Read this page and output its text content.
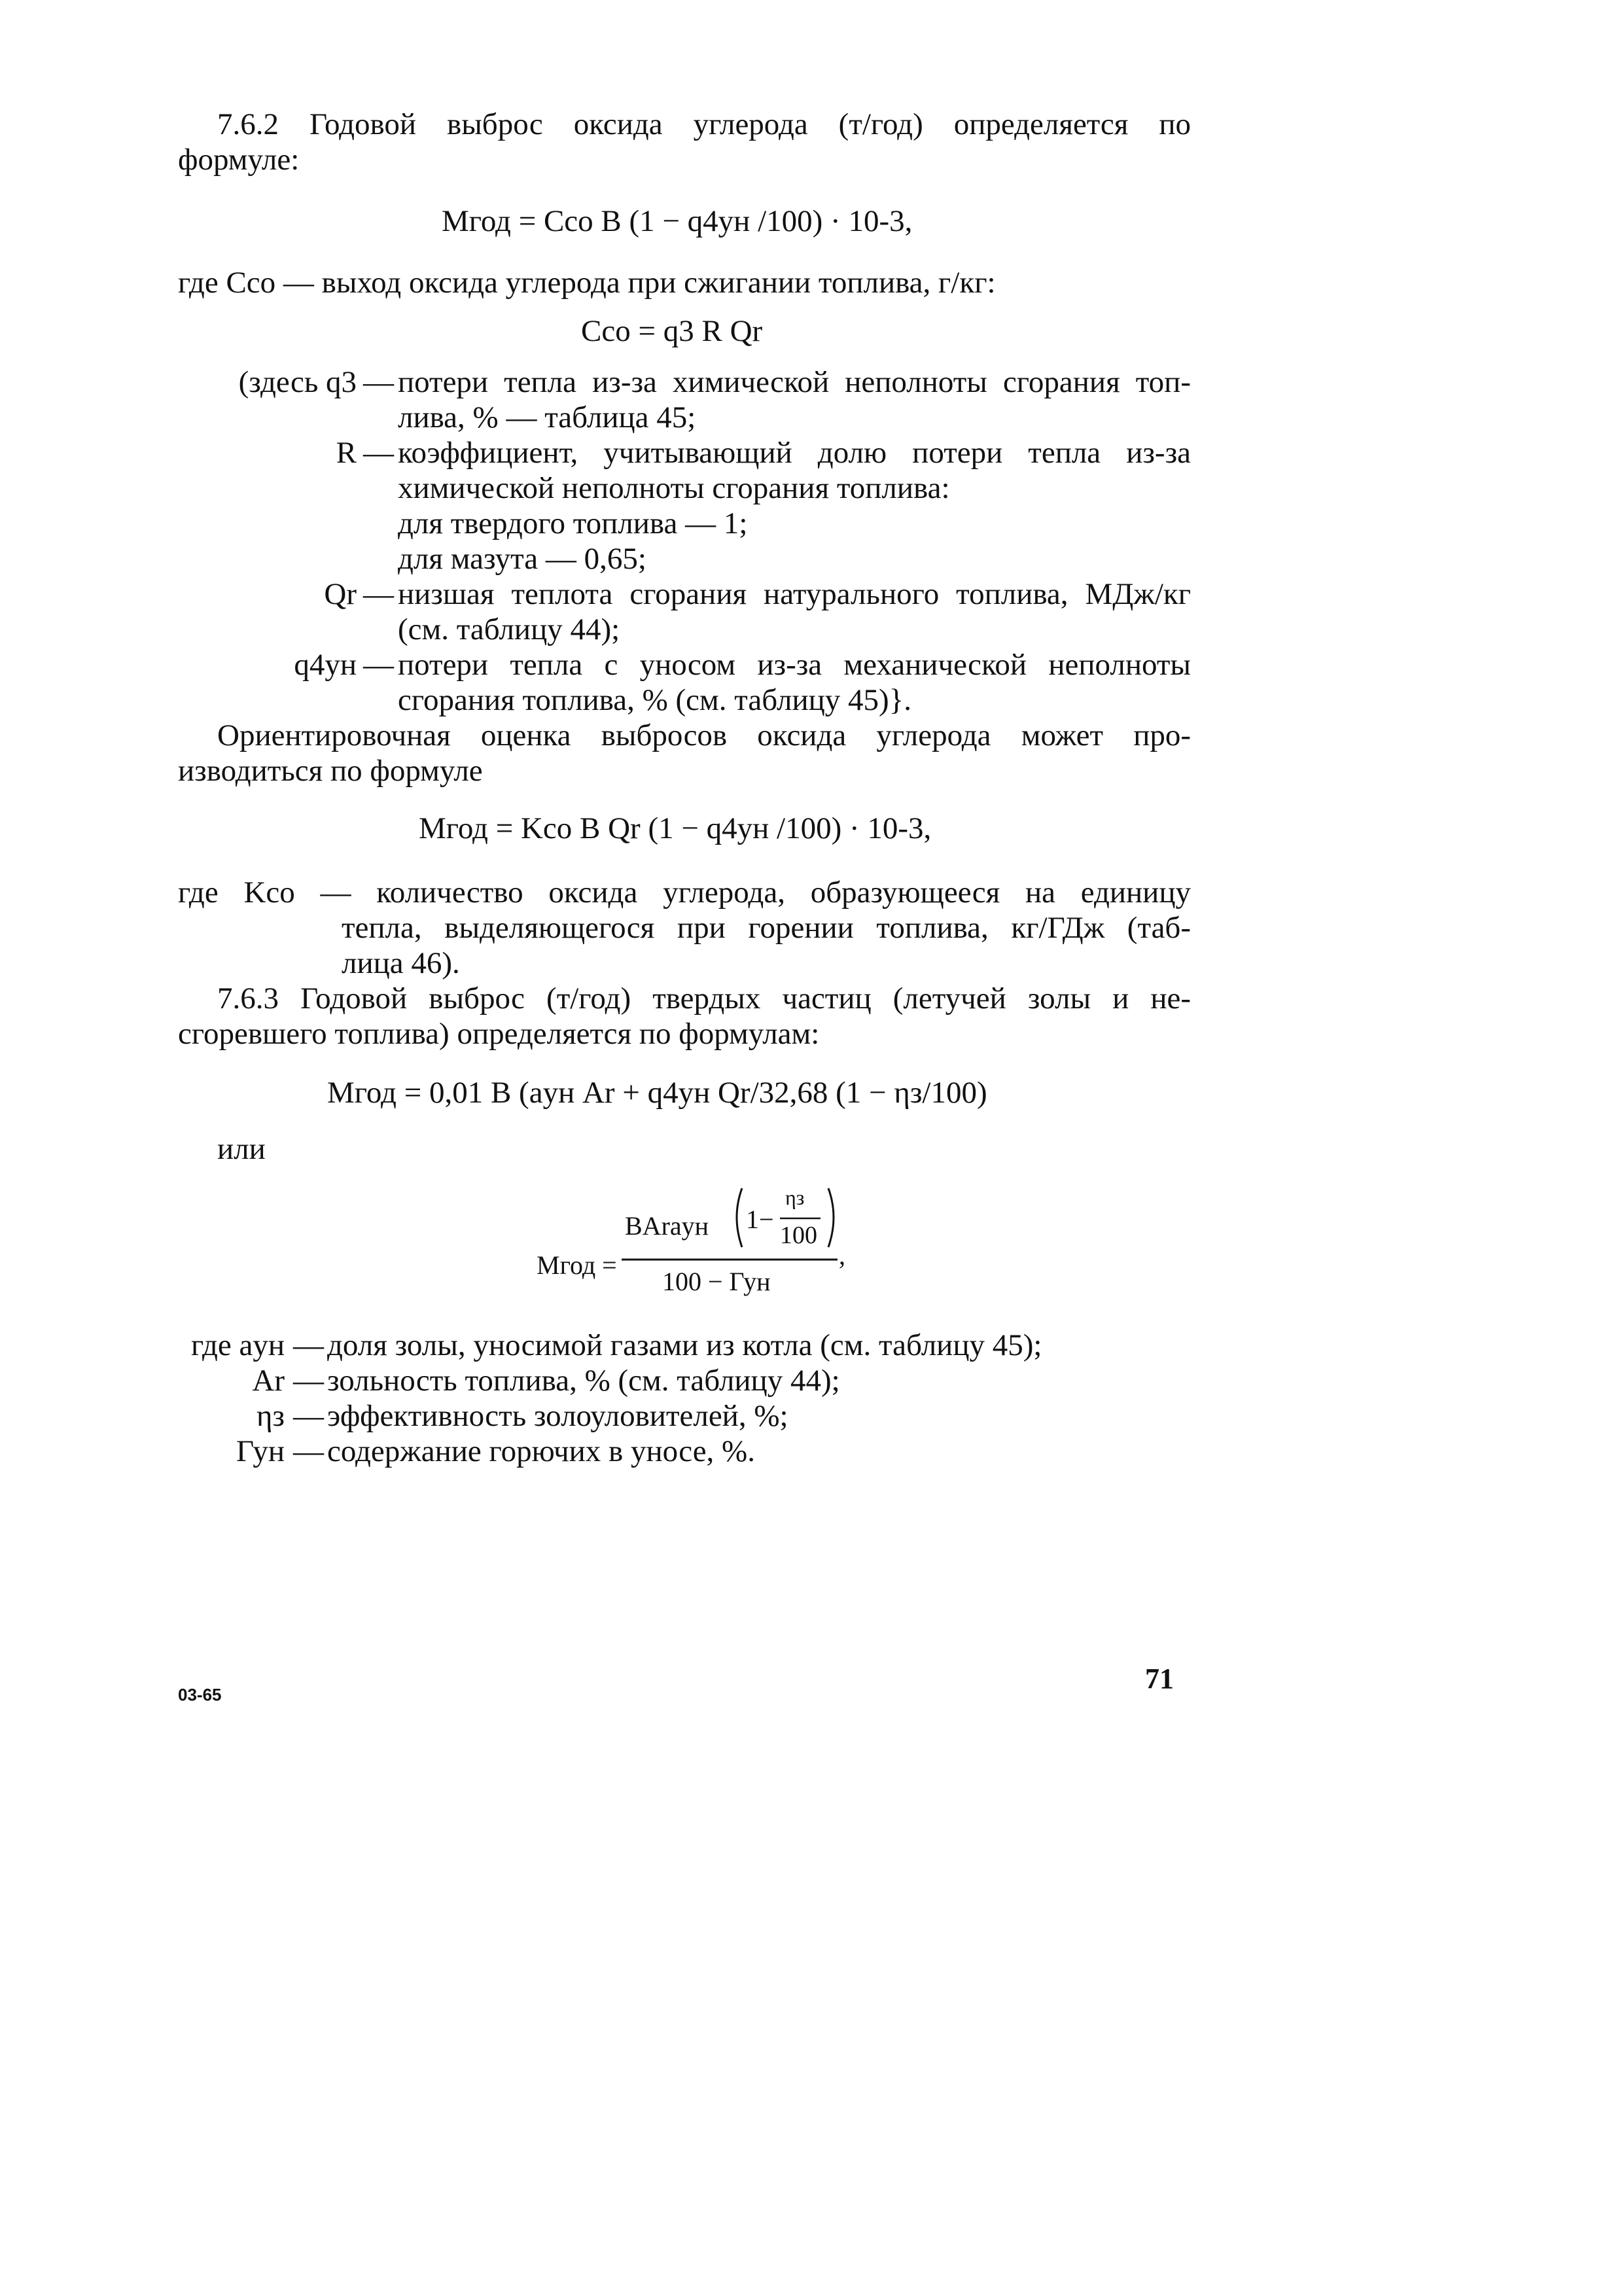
7.6.2 Годовой выброс оксида углерода (т/год) определяется по
формуле:
Мгод = Cсо В (1 − q4ун /100) · 10-3,
где Cсо — выход оксида углерода при сжигании топлива, г/кг:
Cсо = q3 R Qr
(здесь q3 — потери тепла из-за химической неполноты сгорания топ-
лива, % — таблица 45;
R — коэффициент, учитывающий долю потери тепла из-за
химической неполноты сгорания топлива:
для твердого топлива — 1;
для мазута — 0,65;
Qr — низшая теплота сгорания натурального топлива, МДж/кг
(см. таблицу 44);
q4ун — потери тепла с уносом из-за механической неполноты
сгорания топлива, % (см. таблицу 45)}.
Ориентировочная оценка выбросов оксида углерода может про-
изводиться по формуле
Мгод = Kсо В Qr (1 − q4ун /100) · 10-3,
где Kсо — количество оксида углерода, образующееся на единицу
тепла, выделяющегося при горении топлива, кг/ГДж (таб-
лица 46).
7.6.3 Годовой выброс (т/год) твердых частиц (летучей золы и не-
сгоревшего топлива) определяется по формулам:
Мгод = 0,01 В (aун Ar + q4ун Qr/32,68 (1 − ηз/100)
или
Mгод =
BAraун 1−
ηз
100
100 − Гун
,
где aун — доля золы, уносимой газами из котла (см. таблицу 45);
Ar — зольность топлива, % (см. таблицу 44);
ηз — эффективность золоуловителей, %;
Гун — содержание горючих в уносе, %.
03-65	71
